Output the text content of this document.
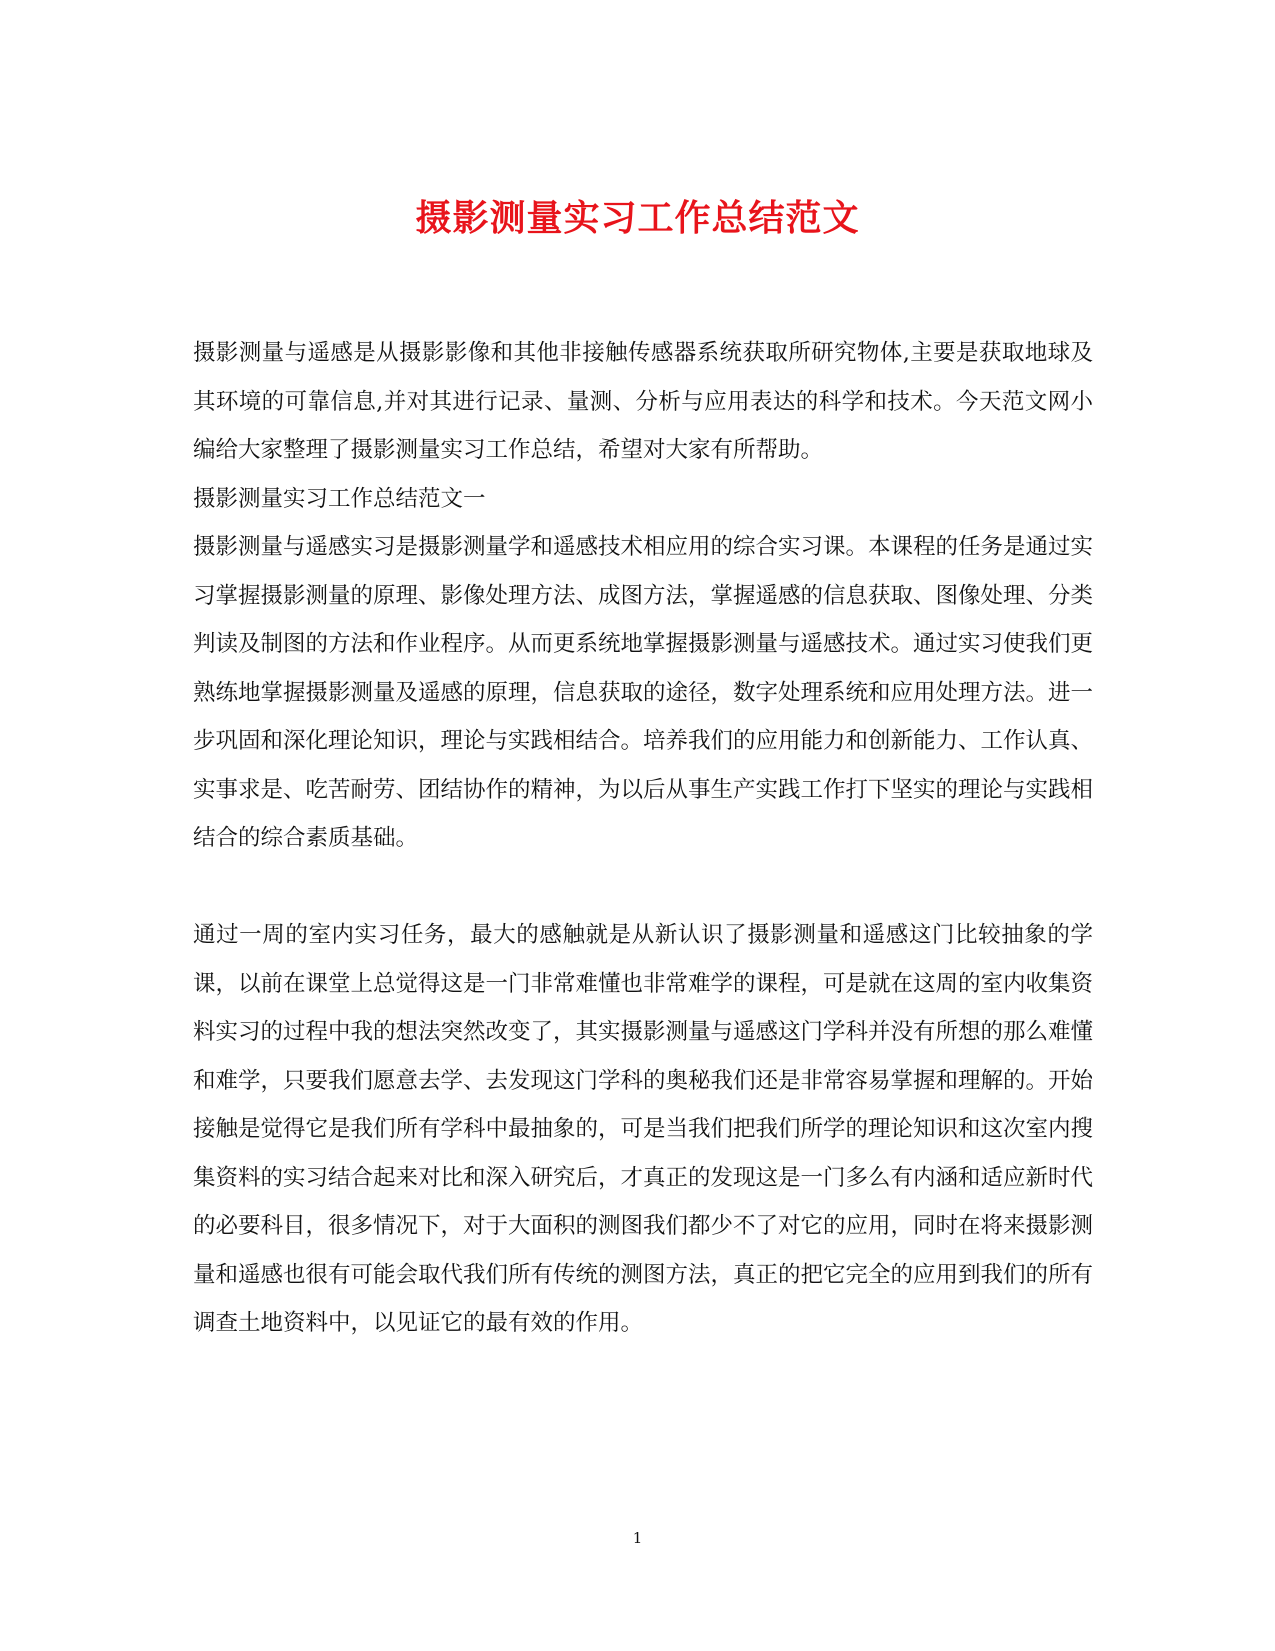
摄影测量实习工作总结范文

摄影测量与遥感是从摄影影像和其他非接触传感器系统获取所研究物体,主要是获取地球及其环境的可靠信息,并对其进行记录、量测、分析与应用表达的科学和技术。今天范文网小编给大家整理了摄影测量实习工作总结，希望对大家有所帮助。

摄影测量实习工作总结范文一

摄影测量与遥感实习是摄影测量学和遥感技术相应用的综合实习课。本课程的任务是通过实习掌握摄影测量的原理、影像处理方法、成图方法，掌握遥感的信息获取、图像处理、分类判读及制图的方法和作业程序。从而更系统地掌握摄影测量与遥感技术。通过实习使我们更熟练地掌握摄影测量及遥感的原理，信息获取的途径，数字处理系统和应用处理方法。进一步巩固和深化理论知识，理论与实践相结合。培养我们的应用能力和创新能力、工作认真、实事求是、吃苦耐劳、团结协作的精神，为以后从事生产实践工作打下坚实的理论与实践相结合的综合素质基础。

通过一周的室内实习任务，最大的感触就是从新认识了摄影测量和遥感这门比较抽象的学课，以前在课堂上总觉得这是一门非常难懂也非常难学的课程，可是就在这周的室内收集资料实习的过程中我的想法突然改变了，其实摄影测量与遥感这门学科并没有所想的那么难懂和难学，只要我们愿意去学、去发现这门学科的奥秘我们还是非常容易掌握和理解的。开始接触是觉得它是我们所有学科中最抽象的，可是当我们把我们所学的理论知识和这次室内搜集资料的实习结合起来对比和深入研究后，才真正的发现这是一门多么有内涵和适应新时代的必要科目，很多情况下，对于大面积的测图我们都少不了对它的应用，同时在将来摄影测量和遥感也很有可能会取代我们所有传统的测图方法，真正的把它完全的应用到我们的所有调查土地资料中，以见证它的最有效的作用。

1
